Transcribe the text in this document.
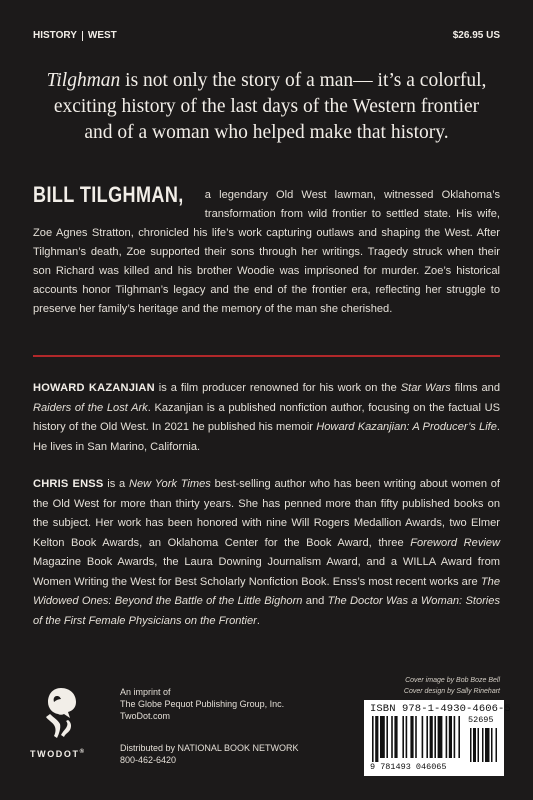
HISTORY WEST	$26.95 US
Tilghman is not only the story of a man— it’s a colorful, exciting history of the last days of the Western frontier and of a woman who helped make that history.
BILL TILGHMAN, a legendary Old West lawman, witnessed Oklahoma’s transformation from wild frontier to settled state. His wife, Zoe Agnes Stratton, chronicled his life’s work capturing outlaws and shaping the West. After Tilghman’s death, Zoe supported their sons through her writings. Tragedy struck when their son Richard was killed and his brother Woodie was imprisoned for murder. Zoe’s historical accounts honor Tilghman’s legacy and the end of the frontier era, reflecting her struggle to preserve her family’s heritage and the memory of the man she cherished.
HOWARD KAZANJIAN is a film producer renowned for his work on the Star Wars films and Raiders of the Lost Ark. Kazanjian is a published nonfiction author, focusing on the factual US history of the Old West. In 2021 he published his memoir Howard Kazanjian: A Producer’s Life. He lives in San Marino, California.
CHRIS ENSS is a New York Times best-selling author who has been writing about women of the Old West for more than thirty years. She has penned more than fifty published books on the subject. Her work has been honored with nine Will Rogers Medallion Awards, two Elmer Kelton Book Awards, an Oklahoma Center for the Book Award, three Foreword Review Magazine Book Awards, the Laura Downing Journalism Award, and a WILLA Award from Women Writing the West for Best Scholarly Nonfiction Book. Enss’s most recent works are The Widowed Ones: Beyond the Battle of the Little Bighorn and The Doctor Was a Woman: Stories of the First Female Physicians on the Frontier.
TWODOT®
An imprint of
The Globe Pequot Publishing Group, Inc.
TwoDot.com
Distributed by NATIONAL BOOK NETWORK
800-462-6420
Cover image by Bob Boze Bell
Cover design by Sally Rinehart
ISBN 978-1-4930-4606-5
9 781493 046065
52695
